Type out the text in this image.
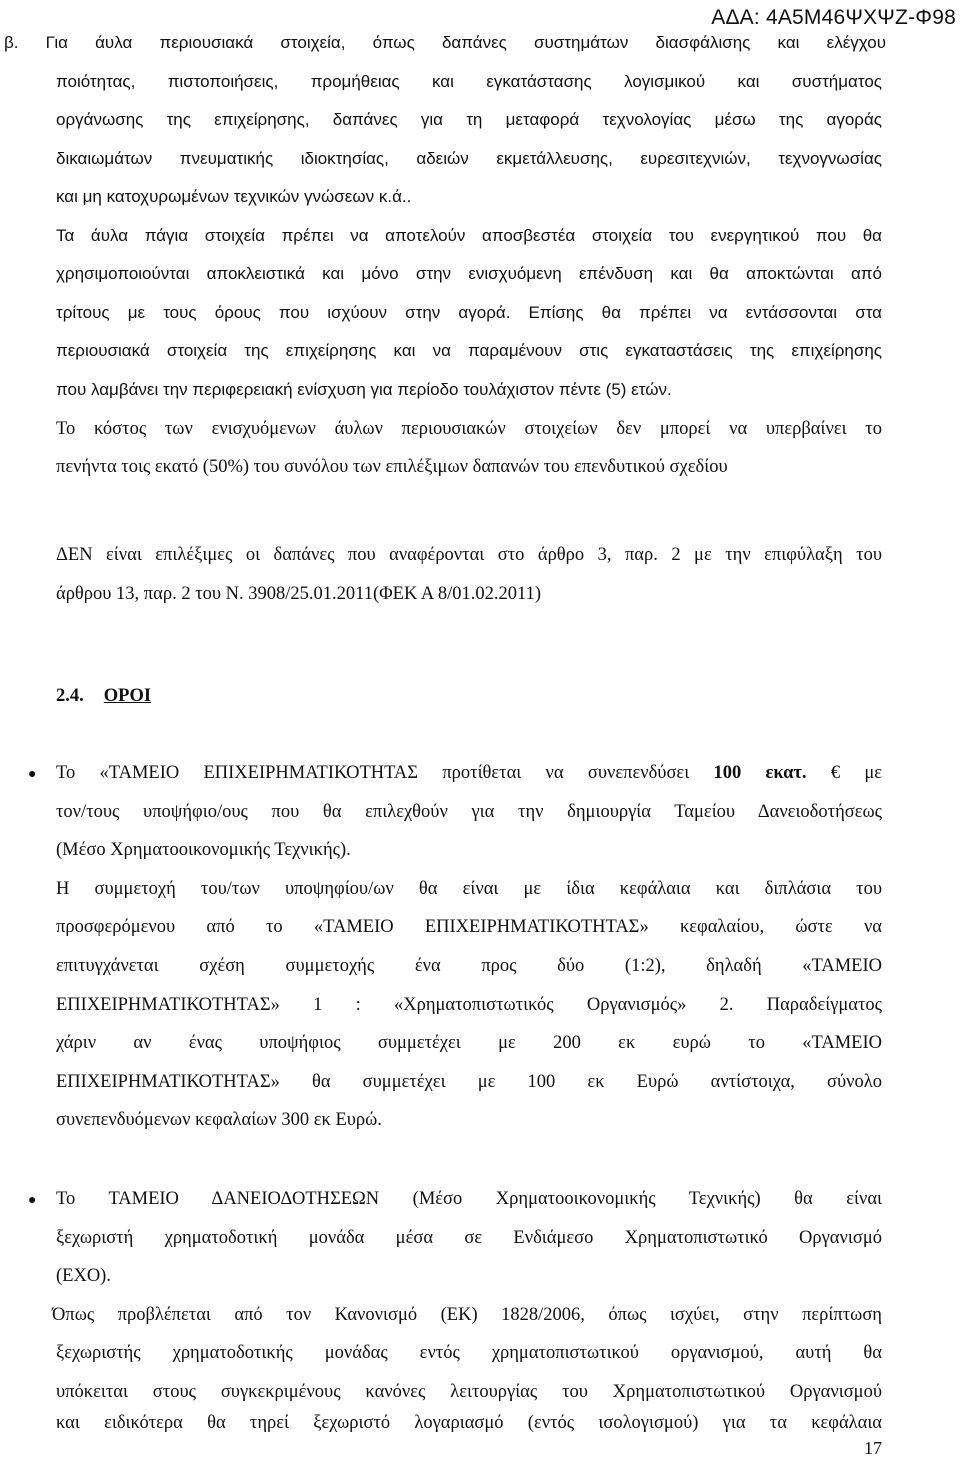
ΑΔΑ: 4Α5Μ46ΨΧΨΖ-Φ98
β. Για άυλα περιουσιακά στοιχεία, όπως δαπάνες συστημάτων διασφάλισης και ελέγχου
ποιότητας, πιστοποιήσεις, προμήθειας και εγκατάστασης λογισμικού και συστήματος
οργάνωσης της επιχείρησης, δαπάνες για τη μεταφορά τεχνολογίας μέσω της αγοράς
δικαιωμάτων πνευματικής ιδιοκτησίας, αδειών εκμετάλλευσης, ευρεσιτεχνιών, τεχνογνωσίας
και μη κατοχυρωμένων τεχνικών γνώσεων κ.ά..
Τα άυλα πάγια στοιχεία πρέπει να αποτελούν αποσβεστέα στοιχεία του ενεργητικού που θα
χρησιμοποιούνται αποκλειστικά και μόνο στην ενισχυόμενη επένδυση και θα αποκτώνται από
τρίτους με τους όρους που ισχύουν στην αγορά. Επίσης θα πρέπει να εντάσσονται στα
περιουσιακά στοιχεία της επιχείρησης και να παραμένουν στις εγκαταστάσεις της επιχείρησης
που λαμβάνει την περιφερειακή ενίσχυση για περίοδο τουλάχιστον πέντε (5) ετών.
Το κόστος των ενισχυόμενων άυλων περιουσιακών στοιχείων δεν μπορεί να υπερβαίνει το
πενήντα τοις εκατό (50%) του συνόλου των επιλέξιμων δαπανών του επενδυτικού σχεδίου
ΔΕΝ είναι επιλέξιμες οι δαπάνες που αναφέρονται στο άρθρο 3, παρ. 2 με την επιφύλαξη του
άρθρου 13, παρ. 2 του Ν. 3908/25.01.2011(ΦΕΚ Α 8/01.02.2011)
2.4. ΟΡΟΙ
● Το «ΤΑΜΕΙΟ ΕΠΙΧΕΙΡΗΜΑΤΙΚΟΤΗΤΑΣ προτίθεται να συνεπενδύσει 100 εκατ. € με
τον/τους υποψήφιο/ους που θα επιλεχθούν για την δημιουργία Ταμείου Δανειοδοτήσεως
(Μέσο Χρηματοοικονομικής Τεχνικής).
Η συμμετοχή του/των υποψηφίου/ων θα είναι με ίδια κεφάλαια και διπλάσια του
προσφερόμενου από το «ΤΑΜΕΙΟ ΕΠΙΧΕΙΡΗΜΑΤΙΚΟΤΗΤΑΣ» κεφαλαίου, ώστε να
επιτυγχάνεται σχέση συμμετοχής ένα προς δύο (1:2), δηλαδή «ΤΑΜΕΙΟ
ΕΠΙΧΕΙΡΗΜΑΤΙΚΟΤΗΤΑΣ» 1 : «Χρηματοπιστωτικός Οργανισμός» 2. Παραδείγματος
χάριν αν ένας υποψήφιος συμμετέχει με 200 εκ ευρώ το «ΤΑΜΕΙΟ
ΕΠΙΧΕΙΡΗΜΑΤΙΚΟΤΗΤΑΣ» θα συμμετέχει με 100 εκ Ευρώ αντίστοιχα, σύνολο
συνεπενδυόμενων κεφαλαίων 300 εκ Ευρώ.
● Το ΤΑΜΕΙΟ ΔΑΝΕΙΟΔΟΤΗΣΕΩΝ (Μέσο Χρηματοοικονομικής Τεχνικής) θα είναι
ξεχωριστή χρηματοδοτική μονάδα μέσα σε Ενδιάμεσο Χρηματοπιστωτικό Οργανισμό
(ΕΧΟ).
Όπως προβλέπεται από τον Κανονισμό (ΕΚ) 1828/2006, όπως ισχύει, στην περίπτωση
ξεχωριστής χρηματοδοτικής μονάδας εντός χρηματοπιστωτικού οργανισμού, αυτή θα
υπόκειται στους συγκεκριμένους κανόνες λειτουργίας του Χρηματοπιστωτικού Οργανισμού
και ειδικότερα θα τηρεί ξεχωριστό λογαριασμό (εντός ισολογισμού) για τα κεφάλαια
17
